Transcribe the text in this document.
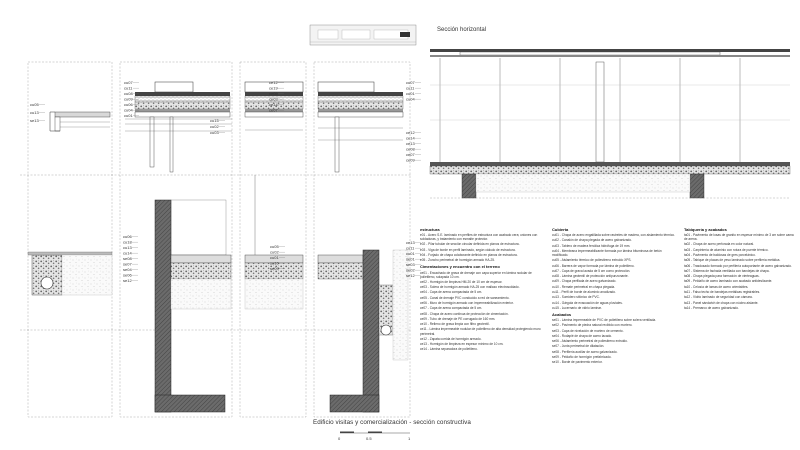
cu05
cu13
se13
cu07
cu11
cu08
cu09
cu06
cu04
cu01
cu15
cu02
cu03
ce12
ce19
ce05
ce03
ce14
ce07
cu07
cu11
cu01
cu04
ce12
ce14
ce13
ce08
ce07
ce09
cu06
cu18
cu13
cu14
se08
se07
se04
se06
se12
cu05
cu02
cu01
se10
se09
ce13
cu11
cu01
se01
se03
se02
se12
Sección horizontal
estructura

e01 - Acero S.E. laminado en perfiles de estructura con acabado cera; uniones con soldaduras, y tratamiento con esmalte protector.

e02 - Pilar tubular de sección circular definida en planos de estructura.

e03 - Viga de borde en perfil laminado, según cálculo de estructura.

e04 - Forjado de chapa colaborante definido en planos de estructura.

e05 - Zuncho perimetral de hormigón armado HA-25.

Cimentaciones y encuentro con el terreno

ce01 - Encachado de grava de drenaje con capa superior en lámina nodular de polietileno, solapada 10 cm.

ce02 - Hormigón de limpieza HM-20 de 10 cm de espesor.

ce03 - Solera de hormigón armado HA-25 con mallazo electrosoldado.

ce04 - Capa de arena compactada de 5 cm.

ce05 - Canal de drenaje PVC conducido a red de saneamiento.

ce06 - Muro de hormigón armado con impermeabilización exterior.

ce07 - Capa de arena compactada de 5 cm.

ce08 - Chapa de acero continua de protección de cimentación.

ce09 - Tubo de drenaje de PE corrugado de 160 mm.

ce10 - Relleno de grava limpia con filtro geotextil.

ce11 - Lámina impermeable nodular de polietileno de alta densidad protegiendo muro perimetral.

ce12 - Zapata corrida de hormigón armado.

ce13 - Hormigón de limpieza en espesor mínimo de 10 cm.

ce14 - Lámina separadora de polietileno.

Cubierta

cu01 - Chapa de acero engatillada sobre rastreles de madera, con aislamiento térmico.

cu02 - Canalón de chapa plegada de acero galvanizado.

cu03 - Tablero de madera fenólica hidrófuga de 19 mm.

cu04 - Membrana impermeabilizante formada por lámina bituminosa de betún modificado.

cu05 - Aislamiento térmico de poliestireno extruido XPS.

cu06 - Barrera de vapor formada por lámina de polietileno.

cu07 - Capa de grava lavada de 5 cm como protección.

cu08 - Lámina geotextil de protección antipunzonante.

cu09 - Chapa perfilada de acero galvanizado.

cu10 - Remate perimetral en chapa plegada.

cu11 - Perfil de borde de aluminio anodizado.

cu13 - Sumidero sifónico de PVC.

cu14 - Gárgola de evacuación de aguas pluviales.

cu15 - Lucernario de vidrio laminar.

Acabados

se01 - Lámina impermeable de PVC de polietileno sobre solera ventilada.

se02 - Pavimento de piedra natural recibido con mortero.

se03 - Capa de nivelación de mortero de cemento.

se04 - Rodapié de chapa de acero lacado.

se06 - Aislamiento perimetral de poliestireno extruido.

se07 - Junta perimetral de dilatación.

se08 - Perfilería auxiliar de acero galvanizado.

se09 - Peldaño de hormigón prefabricado.

se10 - Borde de pavimento exterior.

Tabiquería y acabados

ta01 - Pavimento de losas de granito en espesor mínimo de 3 cm sobre cama de arena.

ta02 - Chapa de acero perforada en color natural.

ta03 - Carpintería de aluminio con rotura de puente térmico.

ta04 - Pavimento de baldosas de gres porcelánico.

ta05 - Tabique de placas de yeso laminado sobre perfilería metálica.

ta06 - Trasdosado formado por perfilería autoportante de acero galvanizado.

ta07 - Sistema de fachada ventilada con bandejas de chapa.

ta08 - Chapa plegada para formación de vierteaguas.

ta09 - Peldaño de acero laminado con acabado antideslizante.

ta10 - Celosía de lamas de acero orientables.

ta11 - Falso techo de bandejas metálicas registrables.

ta12 - Vidrio laminado de seguridad con cámara.

ta13 - Panel sándwich de chapa con núcleo aislante.

ta14 - Premarco de acero galvanizado.

Edificio visitas y comercialización - sección constructiva
0	0.5	1
